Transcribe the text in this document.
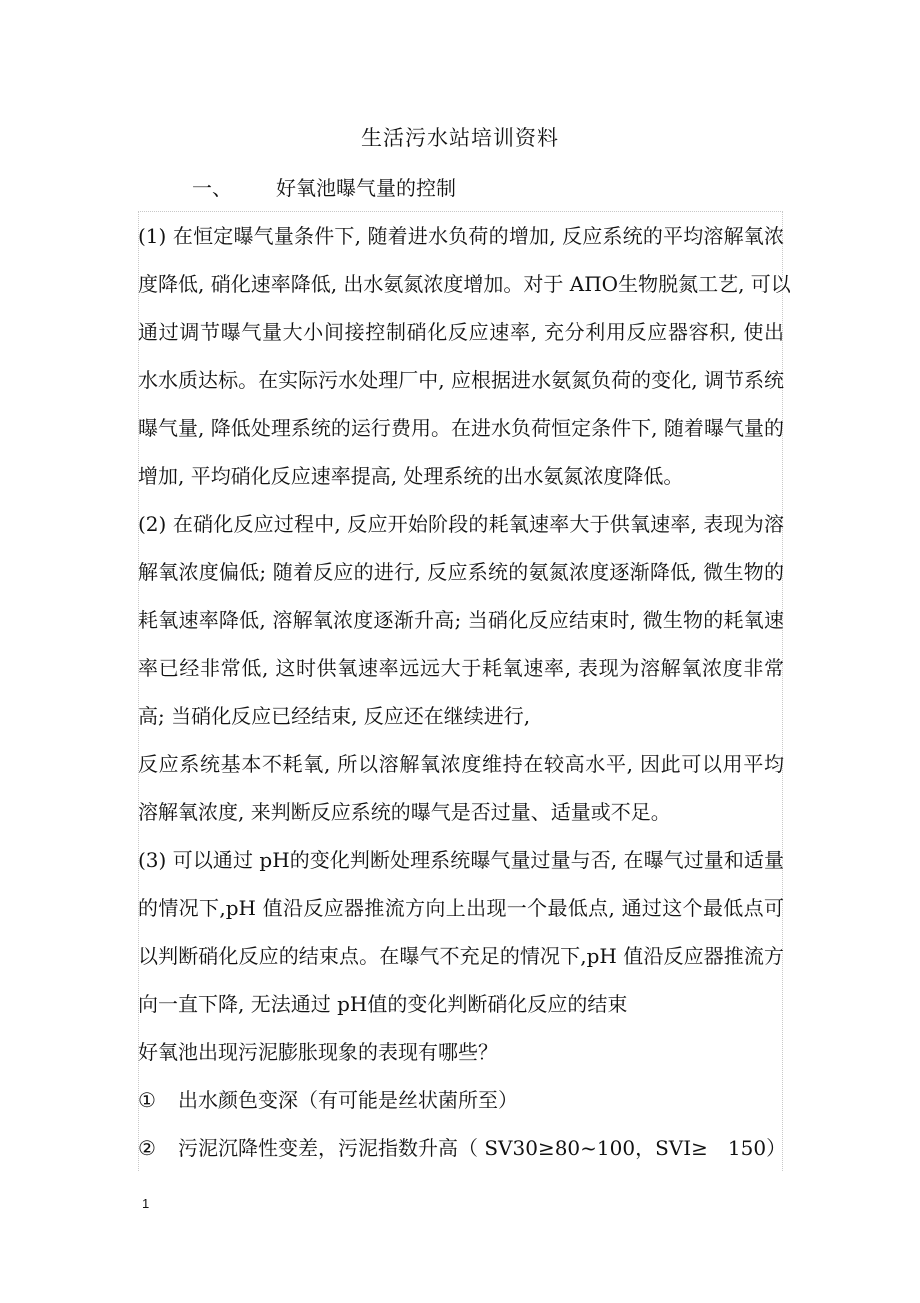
生活污水站培训资料
一、 好氧池曝气量的控制
(1) 在恒定曝气量条件下, 随着进水负荷的增加, 反应系统的平均溶解氧浓
度降低, 硝化速率降低, 出水氨氮浓度增加。对于 AΠO生物脱氮工艺, 可以
通过调节曝气量大小间接控制硝化反应速率, 充分利用反应器容积, 使出
水水质达标。在实际污水处理厂中, 应根据进水氨氮负荷的变化, 调节系统
曝气量, 降低处理系统的运行费用。在进水负荷恒定条件下, 随着曝气量的
增加, 平均硝化反应速率提高, 处理系统的出水氨氮浓度降低。
(2) 在硝化反应过程中, 反应开始阶段的耗氧速率大于供氧速率, 表现为溶
解氧浓度偏低; 随着反应的进行, 反应系统的氨氮浓度逐渐降低, 微生物的
耗氧速率降低, 溶解氧浓度逐渐升高; 当硝化反应结束时, 微生物的耗氧速
率已经非常低, 这时供氧速率远远大于耗氧速率, 表现为溶解氧浓度非常
高; 当硝化反应已经结束, 反应还在继续进行,
反应系统基本不耗氧, 所以溶解氧浓度维持在较高水平, 因此可以用平均
溶解氧浓度, 来判断反应系统的曝气是否过量、适量或不足。
(3) 可以通过 pH的变化判断处理系统曝气量过量与否, 在曝气过量和适量
的情况下,pH 值沿反应器推流方向上出现一个最低点, 通过这个最低点可
以判断硝化反应的结束点。在曝气不充足的情况下,pH 值沿反应器推流方
向一直下降, 无法通过 pH值的变化判断硝化反应的结束
好氧池出现污泥膨胀现象的表现有哪些？
① 出水颜色变深（有可能是丝状菌所至）
② 污泥沉降性变差，污泥指数升高（ SV30≥80~100，SVI≥　150）
1
